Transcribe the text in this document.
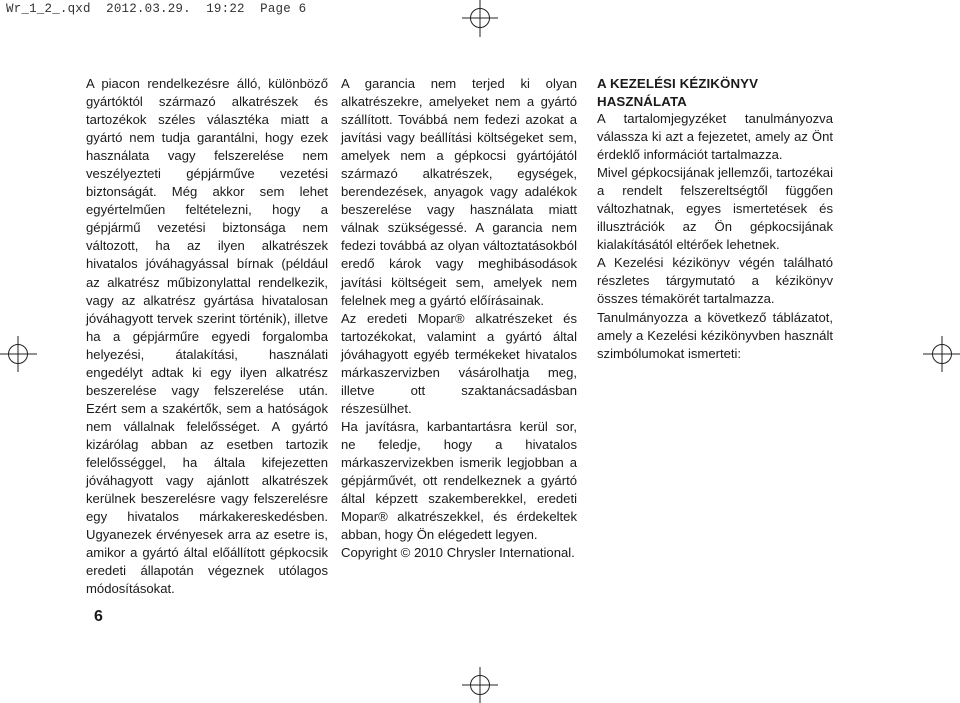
Wr_1_2_.qxd  2012.03.29.  19:22  Page 6

A piacon rendelkezésre álló, különböző gyártóktól származó alkatrészek és tartozékok széles választéka miatt a gyártó nem tudja garantálni, hogy ezek használata vagy felszerelése nem veszélyezteti gépjárműve vezetési biztonságát. Még akkor sem lehet egyértelműen feltételezni, hogy a gépjármű vezetési biztonsága nem változott, ha az ilyen alkatrészek hivatalos jóváhagyással bírnak (például az alkatrész műbizonylattal rendelkezik, vagy az alkatrész gyártása hivatalosan jóváhagyott tervek szerint történik), illetve ha a gépjárműre egyedi forgalomba helyezési, átalakítási, használati engedélyt adtak ki egy ilyen alkatrész beszerelése vagy felszerelése után. Ezért sem a szakértők, sem a hatóságok nem vállalnak felelősséget. A gyártó kizárólag abban az esetben tartozik felelősséggel, ha általa kifejezetten jóváhagyott vagy ajánlott alkatrészek kerülnek beszerelésre vagy felszerelésre egy hivatalos márkakereskedésben. Ugyanezek érvényesek arra az esetre is, amikor a gyártó által előállított gépkocsik eredeti állapotán végeznek utólagos módosításokat.

A garancia nem terjed ki olyan alkatrészekre, amelyeket nem a gyártó szállított. Továbbá nem fedezi azokat a javítási vagy beállítási költségeket sem, amelyek nem a gépkocsi gyártójától származó alkatrészek, egységek, berendezések, anyagok vagy adalékok beszerelése vagy használata miatt válnak szükségessé. A garancia nem fedezi továbbá az olyan változtatásokból eredő károk vagy meghibásodások javítási költségeit sem, amelyek nem felelnek meg a gyártó előírásainak.

Az eredeti Mopar® alkatrészeket és tartozékokat, valamint a gyártó által jóváhagyott egyéb termékeket hivatalos márkaszervizben vásárolhatja meg, illetve ott szaktanácsadásban részesülhet.

Ha javításra, karbantartásra kerül sor, ne feledje, hogy a hivatalos márkaszervizekben ismerik legjobban a gépjárművét, ott rendelkeznek a gyártó által képzett szakemberekkel, eredeti Mopar® alkatrészekkel, és érdekeltek abban, hogy Ön elégedett legyen.

Copyright © 2010 Chrysler International.

A KEZELÉSI KÉZIKÖNYV
HASZNÁLATA

A tartalomjegyzéket tanulmányozva válassza ki azt a fejezetet, amely az Önt érdeklő információt tartalmazza.

Mivel gépkocsijának jellemzői, tartozékai a rendelt felszereltségtől függően változhatnak, egyes ismertetések és illusztrációk az Ön gépkocsijának kialakításától eltérőek lehetnek.

A Kezelési kézikönyv végén található részletes tárgymutató a kézikönyv összes témakörét tartalmazza.

Tanulmányozza a következő táblázatot, amely a Kezelési kézikönyvben használt szimbólumokat ismerteti:

6
